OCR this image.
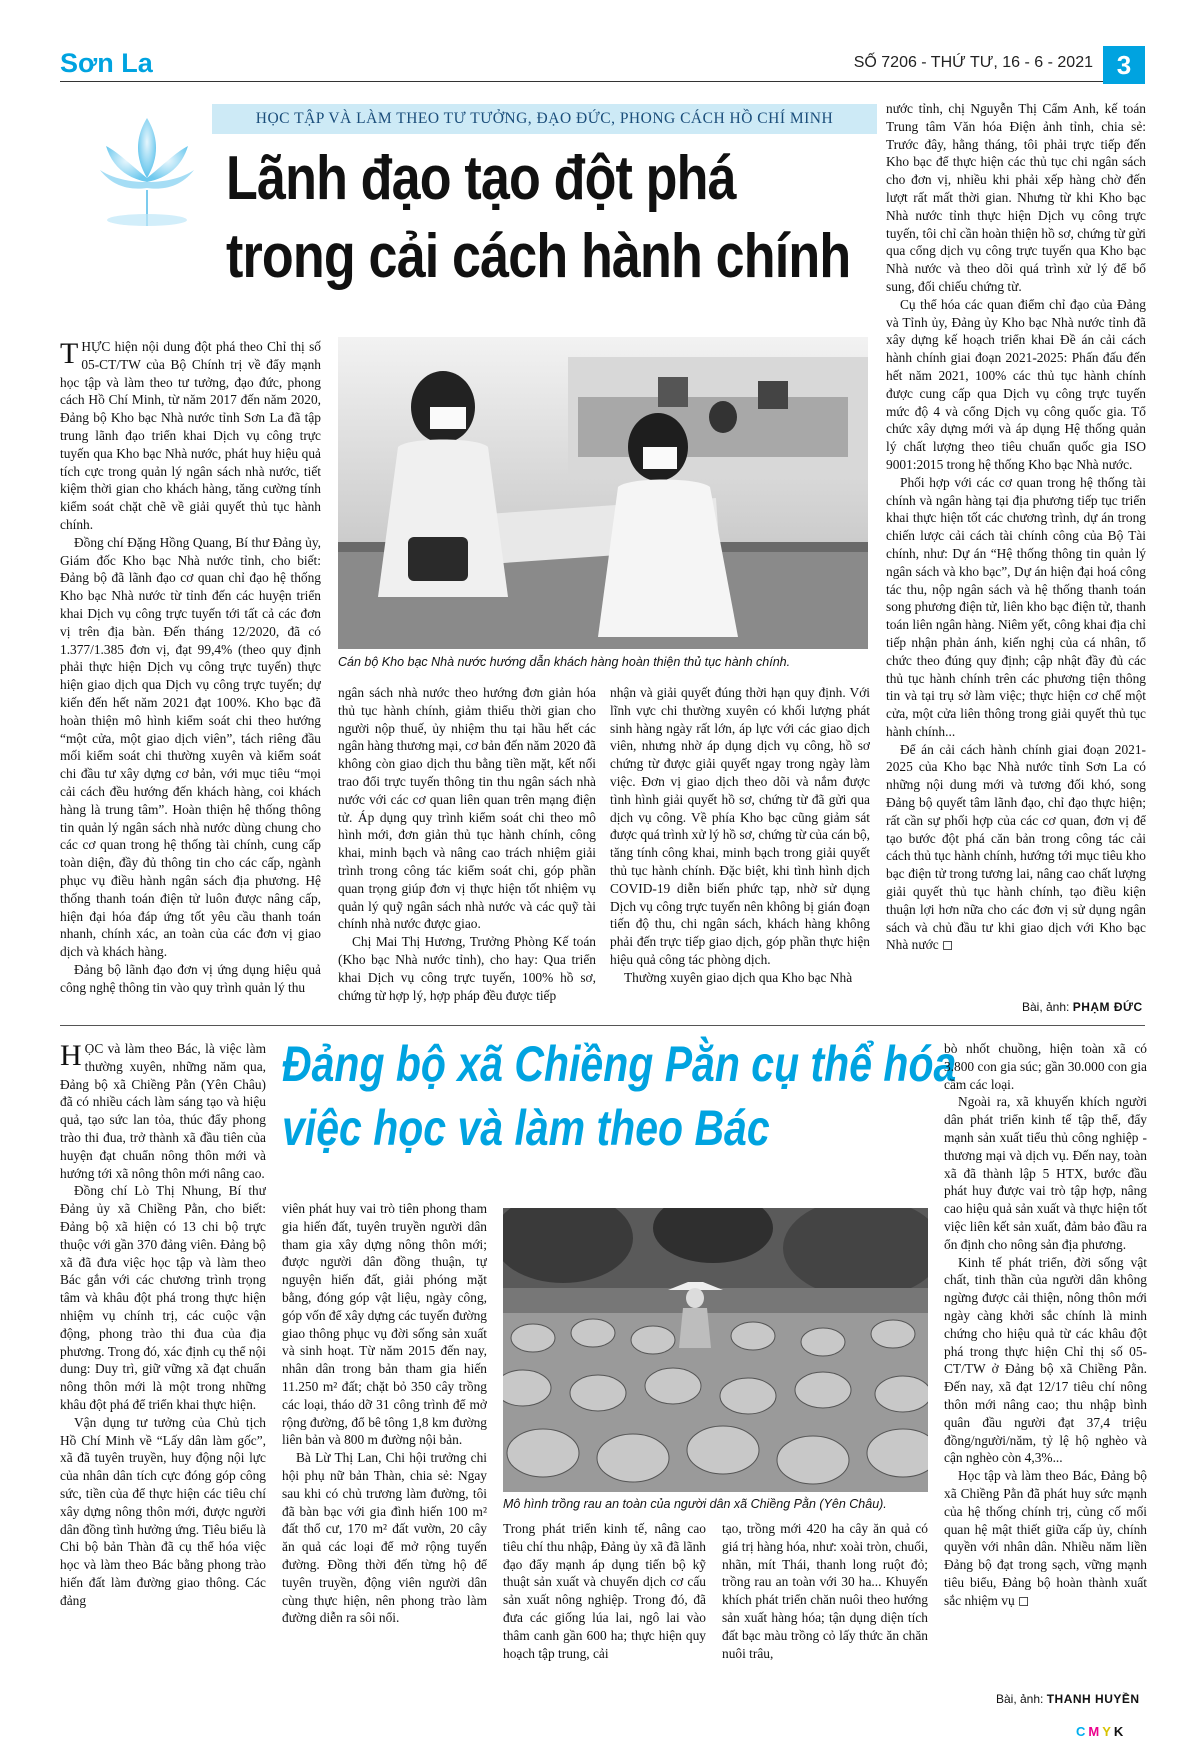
Sơn La	SỐ 7206 - THỨ TƯ, 16 - 6 - 2021 3
HỌC TẬP VÀ LÀM THEO TƯ TƯỞNG, ĐẠO ĐỨC, PHONG CÁCH HỒ CHÍ MINH
Lãnh đạo tạo đột phá
trong cải cách hành chính

THỰC hiện nội dung đột phá theo Chỉ thị số 05-CT/TW của Bộ Chính trị về đẩy mạnh học tập và làm theo tư tưởng, đạo đức, phong cách Hồ Chí Minh, từ năm 2017 đến năm 2020, Đảng bộ Kho bạc Nhà nước tỉnh Sơn La đã tập trung lãnh đạo triển khai Dịch vụ công trực tuyến qua Kho bạc Nhà nước, phát huy hiệu quả tích cực trong quản lý ngân sách nhà nước, tiết kiệm thời gian cho khách hàng, tăng cường tính kiểm soát chặt chẽ về giải quyết thủ tục hành chính.

Đồng chí Đặng Hồng Quang, Bí thư Đảng ủy, Giám đốc Kho bạc Nhà nước tỉnh, cho biết: Đảng bộ đã lãnh đạo cơ quan chỉ đạo hệ thống Kho bạc Nhà nước từ tỉnh đến các huyện triển khai Dịch vụ công trực tuyến tới tất cả các đơn vị trên địa bàn. Đến tháng 12/2020, đã có 1.377/1.385 đơn vị, đạt 99,4% (theo quy định phải thực hiện Dịch vụ công trực tuyến) thực hiện giao dịch qua Dịch vụ công trực tuyến; dự kiến đến hết năm 2021 đạt 100%. Kho bạc đã hoàn thiện mô hình kiểm soát chi theo hướng “một cửa, một giao dịch viên”, tách riêng đầu mối kiểm soát chi thường xuyên và kiểm soát chi đầu tư xây dựng cơ bản, với mục tiêu “mọi cải cách đều hướng đến khách hàng, coi khách hàng là trung tâm”. Hoàn thiện hệ thống thông tin quản lý ngân sách nhà nước dùng chung cho các cơ quan trong hệ thống tài chính, cung cấp toàn diện, đầy đủ thông tin cho các cấp, ngành phục vụ điều hành ngân sách địa phương. Hệ thống thanh toán điện tử luôn được nâng cấp, hiện đại hóa đáp ứng tốt yêu cầu thanh toán nhanh, chính xác, an toàn của các đơn vị giao dịch và khách hàng.

Đảng bộ lãnh đạo đơn vị ứng dụng hiệu quả công nghệ thông tin vào quy trình quản lý thu

Cán bộ Kho bạc Nhà nước hướng dẫn khách hàng hoàn thiện thủ tục hành chính.

ngân sách nhà nước theo hướng đơn giản hóa thủ tục hành chính, giảm thiểu thời gian cho người nộp thuế, ủy nhiệm thu tại hầu hết các ngân hàng thương mại, cơ bản đến năm 2020 đã không còn giao dịch thu bằng tiền mặt, kết nối trao đổi trực tuyến thông tin thu ngân sách nhà nước với các cơ quan liên quan trên mạng điện tử. Áp dụng quy trình kiểm soát chi theo mô hình mới, đơn giản thủ tục hành chính, công khai, minh bạch và nâng cao trách nhiệm giải trình trong công tác kiểm soát chi, góp phần quan trọng giúp đơn vị thực hiện tốt nhiệm vụ quản lý quỹ ngân sách nhà nước và các quỹ tài chính nhà nước được giao.

Chị Mai Thị Hương, Trưởng Phòng Kế toán (Kho bạc Nhà nước tỉnh), cho hay: Qua triển khai Dịch vụ công trực tuyến, 100% hồ sơ, chứng từ hợp lý, hợp pháp đều được tiếp

nhận và giải quyết đúng thời hạn quy định. Với lĩnh vực chi thường xuyên có khối lượng phát sinh hàng ngày rất lớn, áp lực với các giao dịch viên, nhưng nhờ áp dụng dịch vụ công, hồ sơ chứng từ được giải quyết ngay trong ngày làm việc. Đơn vị giao dịch theo dõi và nắm được tình hình giải quyết hồ sơ, chứng từ đã gửi qua dịch vụ công. Về phía Kho bạc cũng giảm sát được quá trình xử lý hồ sơ, chứng từ của cán bộ, tăng tính công khai, minh bạch trong giải quyết thủ tục hành chính. Đặc biệt, khi tình hình dịch COVID-19 diễn biến phức tạp, nhờ sử dụng Dịch vụ công trực tuyến nên không bị gián đoạn tiến độ thu, chi ngân sách, khách hàng không phải đến trực tiếp giao dịch, góp phần thực hiện hiệu quả công tác phòng dịch.

Thường xuyên giao dịch qua Kho bạc Nhà

nước tỉnh, chị Nguyễn Thị Cẩm Anh, kế toán Trung tâm Văn hóa Điện ảnh tỉnh, chia sẻ: Trước đây, hằng tháng, tôi phải trực tiếp đến Kho bạc để thực hiện các thủ tục chi ngân sách cho đơn vị, nhiều khi phải xếp hàng chờ đến lượt rất mất thời gian. Nhưng từ khi Kho bạc Nhà nước tỉnh thực hiện Dịch vụ công trực tuyến, tôi chỉ cần hoàn thiện hồ sơ, chứng từ gửi qua cổng dịch vụ công trực tuyến qua Kho bạc Nhà nước và theo dõi quá trình xử lý để bổ sung, đối chiếu chứng từ.

Cụ thể hóa các quan điểm chỉ đạo của Đảng và Tỉnh ủy, Đảng ủy Kho bạc Nhà nước tỉnh đã xây dựng kế hoạch triển khai Đề án cải cách hành chính giai đoạn 2021-2025: Phấn đấu đến hết năm 2021, 100% các thủ tục hành chính được cung cấp qua Dịch vụ công trực tuyến mức độ 4 và cổng Dịch vụ công quốc gia. Tổ chức xây dựng mới và áp dụng Hệ thống quản lý chất lượng theo tiêu chuẩn quốc gia ISO 9001:2015 trong hệ thống Kho bạc Nhà nước.

Phối hợp với các cơ quan trong hệ thống tài chính và ngân hàng tại địa phương tiếp tục triển khai thực hiện tốt các chương trình, dự án trong chiến lược cải cách tài chính công của Bộ Tài chính, như: Dự án “Hệ thống thông tin quản lý ngân sách và kho bạc”, Dự án hiện đại hoá công tác thu, nộp ngân sách và hệ thống thanh toán song phương điện tử, liên kho bạc điện tử, thanh toán liên ngân hàng. Niêm yết, công khai địa chỉ tiếp nhận phản ánh, kiến nghị của cá nhân, tổ chức theo đúng quy định; cập nhật đầy đủ các thủ tục hành chính trên các phương tiện thông tin và tại trụ sở làm việc; thực hiện cơ chế một cửa, một cửa liên thông trong giải quyết thủ tục hành chính...

Để án cải cách hành chính giai đoạn 2021-2025 của Kho bạc Nhà nước tỉnh Sơn La có những nội dung mới và tương đối khó, song Đảng bộ quyết tâm lãnh đạo, chỉ đạo thực hiện; rất cần sự phối hợp của các cơ quan, đơn vị để tạo bước đột phá căn bản trong công tác cải cách thủ tục hành chính, hướng tới mục tiêu kho bạc điện tử trong tương lai, nâng cao chất lượng giải quyết thủ tục hành chính, tạo điều kiện thuận lợi hơn nữa cho các đơn vị sử dụng ngân sách và chủ đầu tư khi giao dịch với Kho bạc Nhà nước ◻

Bài, ảnh: PHẠM ĐỨC

HỌC và làm theo Bác, là việc làm thường xuyên, những năm qua, Đảng bộ xã Chiềng Pằn (Yên Châu) đã có nhiều cách làm sáng tạo và hiệu quả, tạo sức lan tỏa, thúc đẩy phong trào thi đua, trở thành xã đầu tiên của huyện đạt chuẩn nông thôn mới và hướng tới xã nông thôn mới nâng cao.

Đồng chí Lò Thị Nhung, Bí thư Đảng ủy xã Chiềng Pằn, cho biết: Đảng bộ xã hiện có 13 chi bộ trực thuộc với gần 370 đảng viên. Đảng bộ xã đã đưa việc học tập và làm theo Bác gắn với các chương trình trọng tâm và khâu đột phá trong thực hiện nhiệm vụ chính trị, các cuộc vận động, phong trào thi đua của địa phương. Trong đó, xác định cụ thể nội dung: Duy trì, giữ vững xã đạt chuẩn nông thôn mới là một trong những khâu đột phá để triển khai thực hiện.

Vận dụng tư tưởng của Chủ tịch Hồ Chí Minh về “Lấy dân làm gốc”, xã đã tuyên truyền, huy động nội lực của nhân dân tích cực đóng góp công sức, tiền của để thực hiện các tiêu chí xây dựng nông thôn mới, được người dân đồng tình hưởng ứng. Tiêu biểu là Chi bộ bản Thàn đã cụ thể hóa việc học và làm theo Bác bằng phong trào hiến đất làm đường giao thông. Các đảng

Đảng bộ xã Chiềng Pằn cụ thể hóa
việc học và làm theo Bác

viên phát huy vai trò tiên phong tham gia hiến đất, tuyên truyền người dân tham gia xây dựng nông thôn mới; được người dân đồng thuận, tự nguyện hiến đất, giải phóng mặt bằng, đóng góp vật liệu, ngày công, góp vốn để xây dựng các tuyến đường giao thông phục vụ đời sống sản xuất và sinh hoạt. Từ năm 2015 đến nay, nhân dân trong bản tham gia hiến 11.250 m² đất; chặt bỏ 350 cây trồng các loại, tháo dỡ 31 công trình để mở rộng đường, đổ bê tông 1,8 km đường liên bản và 800 m đường nội bản.

Bà Lừ Thị Lan, Chi hội trưởng chi hội phụ nữ bản Thàn, chia sẻ: Ngay sau khi có chủ trương làm đường, tôi đã bàn bạc với gia đình hiến 100 m² đất thổ cư, 170 m² đất vườn, 20 cây ăn quả các loại để mở rộng tuyến đường. Đồng thời đến từng hộ để tuyên truyền, động viên người dân cùng thực hiện, nên phong trào làm đường diễn ra sôi nổi.

Mô hình trồng rau an toàn của người dân xã Chiềng Pằn (Yên Châu).

Trong phát triển kinh tế, nâng cao tiêu chí thu nhập, Đảng ủy xã đã lãnh đạo đẩy mạnh áp dụng tiến bộ kỹ thuật sản xuất và chuyển dịch cơ cấu sản xuất nông nghiệp. Trong đó, đã đưa các giống lúa lai, ngô lai vào thâm canh gần 600 ha; thực hiện quy hoạch tập trung, cải

tạo, trồng mới 420 ha cây ăn quả có giá trị hàng hóa, như: xoài tròn, chuối, nhãn, mít Thái, thanh long ruột đỏ; trồng rau an toàn với 30 ha... Khuyến khích phát triển chăn nuôi theo hướng sản xuất hàng hóa; tận dụng diện tích đất bạc màu trồng cỏ lấy thức ăn chăn nuôi trâu,

bò nhốt chuồng, hiện toàn xã có 3.800 con gia súc; gần 30.000 con gia cầm các loại.

Ngoài ra, xã khuyến khích người dân phát triển kinh tế tập thể, đẩy mạnh sản xuất tiểu thủ công nghiệp - thương mại và dịch vụ. Đến nay, toàn xã đã thành lập 5 HTX, bước đầu phát huy được vai trò tập hợp, nâng cao hiệu quả sản xuất và thực hiện tốt việc liên kết sản xuất, đảm bảo đầu ra ổn định cho nông sản địa phương.

Kinh tế phát triển, đời sống vật chất, tinh thần của người dân không ngừng được cải thiện, nông thôn mới ngày càng khởi sắc chính là minh chứng cho hiệu quả từ các khâu đột phá trong thực hiện Chỉ thị số 05-CT/TW ở Đảng bộ xã Chiềng Pằn. Đến nay, xã đạt 12/17 tiêu chí nông thôn mới nâng cao; thu nhập bình quân đầu người đạt 37,4 triệu đồng/người/năm, tỷ lệ hộ nghèo và cận nghèo còn 4,3%...

Học tập và làm theo Bác, Đảng bộ xã Chiềng Pằn đã phát huy sức mạnh của hệ thống chính trị, củng cố mối quan hệ mật thiết giữa cấp ủy, chính quyền với nhân dân. Nhiều năm liền Đảng bộ đạt trong sạch, vững mạnh tiêu biểu, Đảng bộ hoàn thành xuất sắc nhiệm vụ ◻

Bài, ảnh: THANH HUYỀN
CMYK
